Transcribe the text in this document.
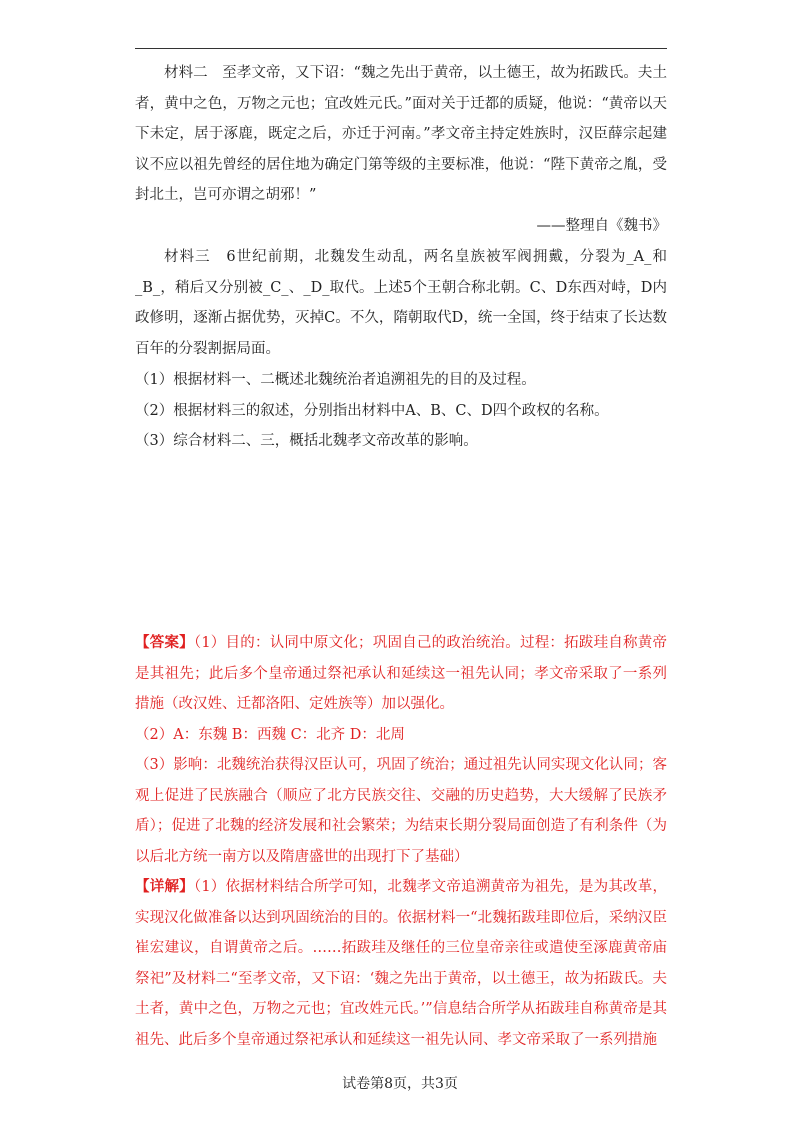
材料二　至孝文帝，又下诏：“魏之先出于黄帝，以土德王，故为拓跋氏。夫土者，黄中之色，万物之元也；宜改姓元氏。”面对关于迁都的质疑，他说：“黄帝以天下未定，居于涿鹿，既定之后，亦迁于河南。”孝文帝主持定姓族时，汉臣薛宗起建议不应以祖先曾经的居住地为确定门第等级的主要标准，他说：“陛下黄帝之胤，受封北土，岂可亦谓之胡邪！”

——整理自《魏书》

材料三　6世纪前期，北魏发生动乱，两名皇族被军阀拥戴，分裂为_A_和_B_，稍后又分别被_C_、_D_取代。上述5个王朝合称北朝。C、D东西对峙，D内政修明，逐渐占据优势，灭掉C。不久，隋朝取代D，统一全国，终于结束了长达数百年的分裂割据局面。

（1）根据材料一、二概述北魏统治者追溯祖先的目的及过程。

（2）根据材料三的叙述，分别指出材料中A、B、C、D四个政权的名称。

（3）综合材料二、三，概括北魏孝文帝改革的影响。

【答案】（1）目的：认同中原文化；巩固自己的政治统治。过程：拓跋珪自称黄帝是其祖先；此后多个皇帝通过祭祀承认和延续这一祖先认同；孝文帝采取了一系列措施（改汉姓、迁都洛阳、定姓族等）加以强化。

（2）A：东魏 B：西魏 C：北齐 D：北周

（3）影响：北魏统治获得汉臣认可，巩固了统治；通过祖先认同实现文化认同；客观上促进了民族融合（顺应了北方民族交往、交融的历史趋势，大大缓解了民族矛盾）；促进了北魏的经济发展和社会繁荣；为结束长期分裂局面创造了有利条件（为以后北方统一南方以及隋唐盛世的出现打下了基础）

【详解】（1）依据材料结合所学可知，北魏孝文帝追溯黄帝为祖先，是为其改革，实现汉化做准备以达到巩固统治的目的。依据材料一“北魏拓跋珪即位后，采纳汉臣崔宏建议，自谓黄帝之后。……拓跋珪及继任的三位皇帝亲往或遣使至涿鹿黄帝庙祭祀”及材料二“至孝文帝，又下诏：‘魏之先出于黄帝，以土德王，故为拓跋氏。夫土者，黄中之色，万物之元也；宜改姓元氏。’”信息结合所学从拓跋珪自称黄帝是其祖先、此后多个皇帝通过祭祀承认和延续这一祖先认同、孝文帝采取了一系列措施

试卷第8页，共3页
